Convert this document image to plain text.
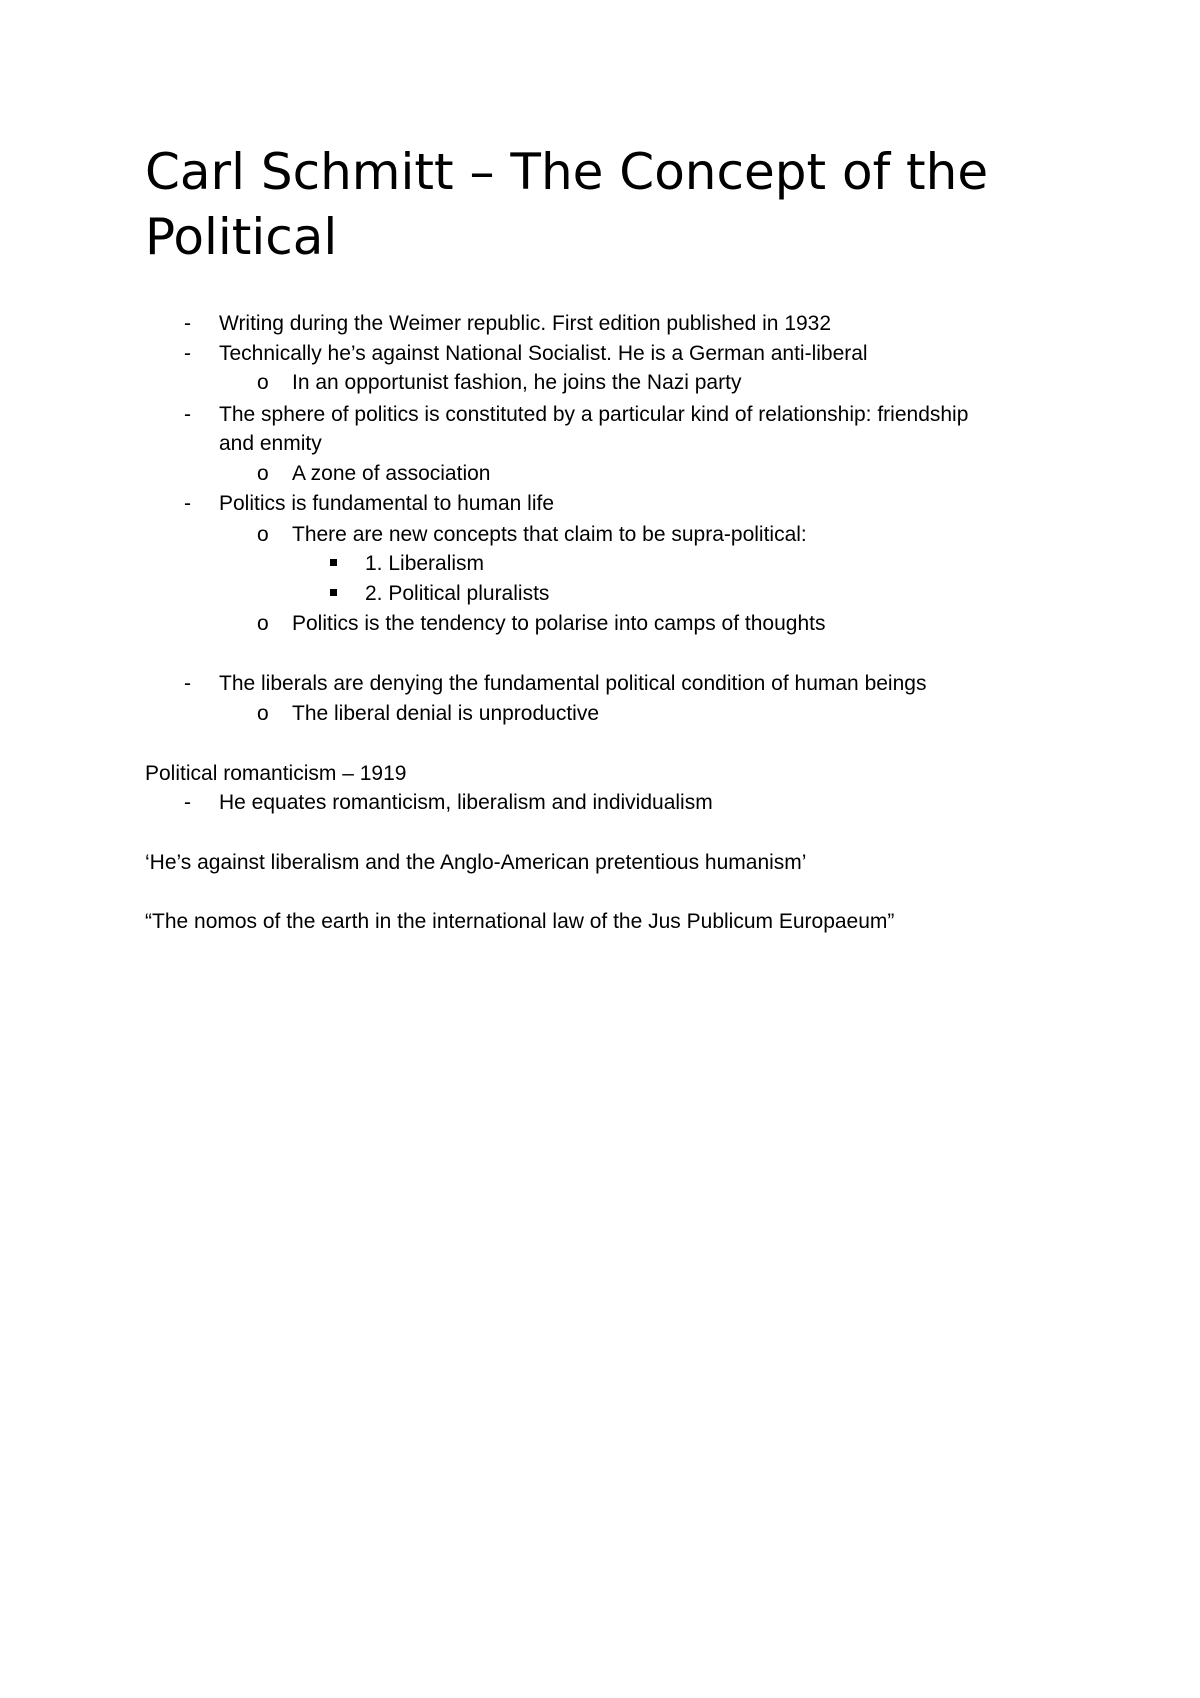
Carl Schmitt – The Concept of the Political
- Writing during the Weimer republic. First edition published in 1932
- Technically he’s against National Socialist. He is a German anti-liberal
o In an opportunist fashion, he joins the Nazi party
- The sphere of politics is constituted by a particular kind of relationship: friendship
and enmity
o A zone of association
- Politics is fundamental to human life
o There are new concepts that claim to be supra-political:
1. Liberalism
2. Political pluralists
o Politics is the tendency to polarise into camps of thoughts
- The liberals are denying the fundamental political condition of human beings
o The liberal denial is unproductive
Political romanticism – 1919
- He equates romanticism, liberalism and individualism
‘He’s against liberalism and the Anglo-American pretentious humanism’
“The nomos of the earth in the international law of the Jus Publicum Europaeum”
